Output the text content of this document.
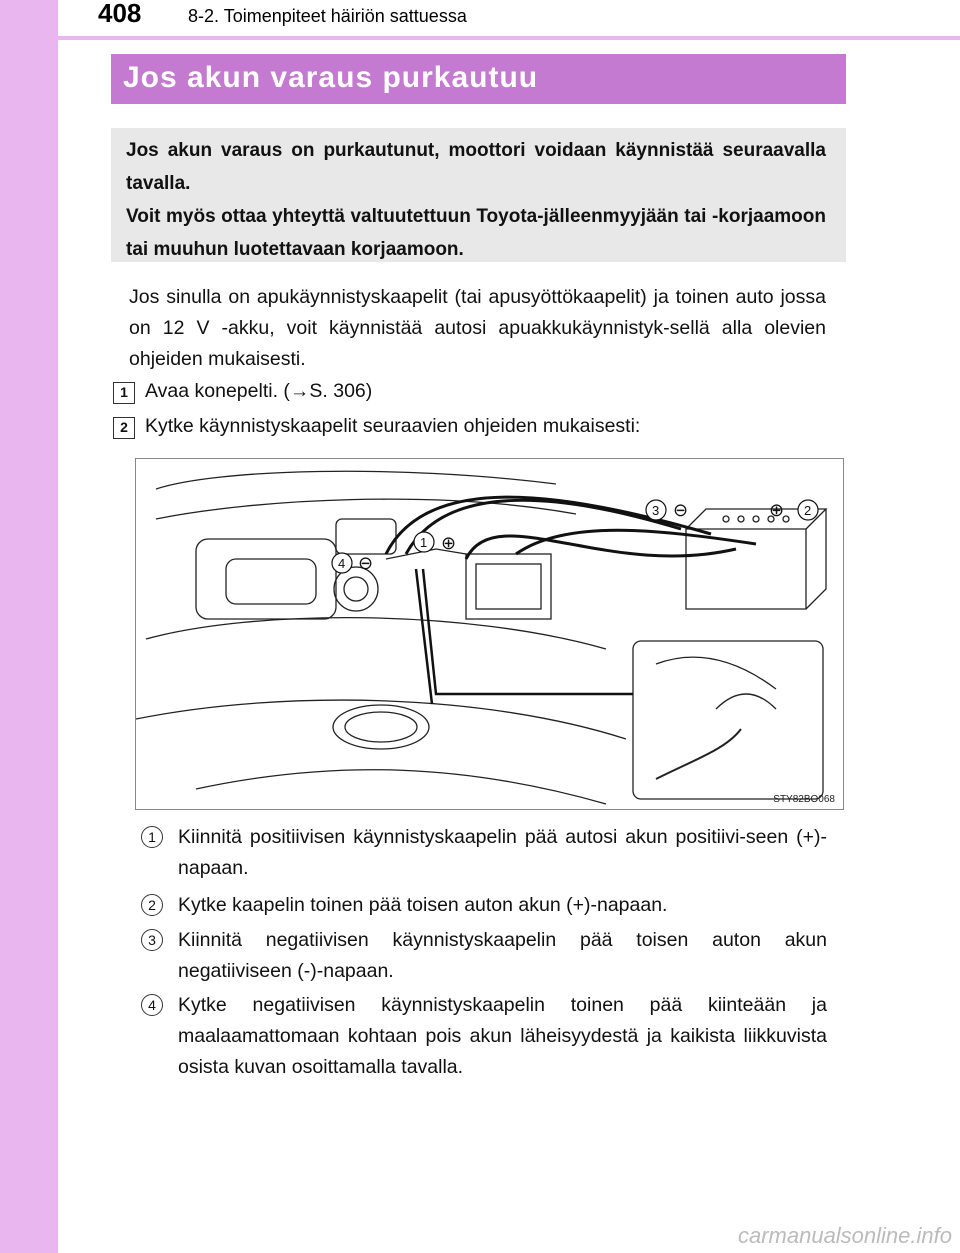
408	8-2. Toimenpiteet häiriön sattuessa
Jos akun varaus purkautuu

Jos akun varaus on purkautunut, moottori voidaan käynnistää seuraavalla tavalla.

Voit myös ottaa yhteyttä valtuutettuun Toyota-jälleenmyyjään tai -korjaamoon tai muuhun luotettavaan korjaamoon.

Jos sinulla on apukäynnistyskaapelit (tai apusyöttökaapelit) ja toinen auto jossa on 12 V -akku, voit käynnistää autosi apuakkukäynnistyk-sellä alla olevien ohjeiden mukaisesti.

1 Avaa konepelti. (→S. 306)
2 Kytke käynnistyskaapelit seuraavien ohjeiden mukaisesti:
1 ⊕
2
⊕
3 ⊖
4 ⊖
STY82BO068
1	Kiinnitä positiivisen käynnistyskaapelin pää autosi akun positiivi-seen (+)-napaan.

2	Kytke kaapelin toinen pää toisen auton akun (+)-napaan.

3	Kiinnitä negatiivisen käynnistyskaapelin pää toisen auton akun negatiiviseen (-)-napaan.

4	Kytke negatiivisen käynnistyskaapelin toinen pää kiinteään ja maalaamattomaan kohtaan pois akun läheisyydestä ja kaikista liikkuvista osista kuvan osoittamalla tavalla.

carmanualsonline.info
